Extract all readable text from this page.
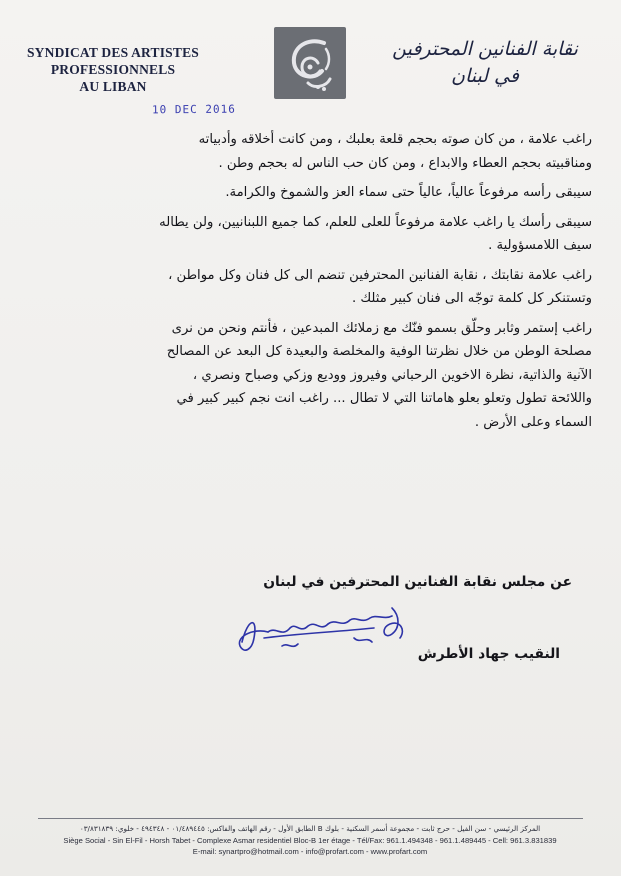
SYNDICAT DES ARTISTES
PROFESSIONNELS
AU LIBAN
نقابة الفنانين المحترفين
في لبنان
10 DEC 2016
راغب علامة ، من كان صوته بحجم قلعة بعلبك ، ومن كانت أخلاقه وأدبياته
ومناقبيته بحجم العطاء والابداع ، ومن كان حب الناس له بحجم وطن .
سيبقى رأسه مرفوعاً عالياً، عالياً حتى سماء العز والشموخ والكرامة.
سيبقى رأسك يا راغب علامة مرفوعاً للعلى للعلم، كما جميع اللبنانيين، ولن يطاله
سيف اللامسؤولية .
راغب علامة نقابتك ، نقابة الفنانين المحترفين تنضم الى كل فنان وكل مواطن ،
وتستنكر كل كلمة توجّه الى فنان كبير مثلك .
راغب إستمر وثابر وحلّق بسمو فنّك مع زملائك المبدعين ، فأنتم ونحن من نرى
مصلحة الوطن من خلال نظرتنا الوفية والمخلصة والبعيدة كل البعد عن المصالح
الآنية والذاتية، نظرة الاخوين الرحباني وفيروز ووديع وزكي وصباح ونصري ،
واللائحة تطول وتعلو بعلو هاماتنا التي لا تطال ... راغب انت نجم كبير كبير في
السماء وعلى الأرض .
عن مجلس نقابة الفنانين المحترفين في لبنان
النقيب جهاد الأطرش
المركز الرئيسي - سن الفيل - حرج ثابت - مجموعة أسمر السكنية - بلوك B الطابق الأول - رقم الهاتف والفاكس: ٠١/٤٨٩٤٤٥ - ٤٩٤٣٤٨ - خلوي: ٠٣/٨٣١٨٣٩
Siège Social - Sin El-Fil - Horsh Tabet - Complexe Asmar residentiel Bloc-B 1er étage - Tél/Fax: 961.1.494348 - 961.1.489445 - Cell: 961.3.831839
E-mail: synartpro@hotmail.com - info@profart.com - www.profart.com
